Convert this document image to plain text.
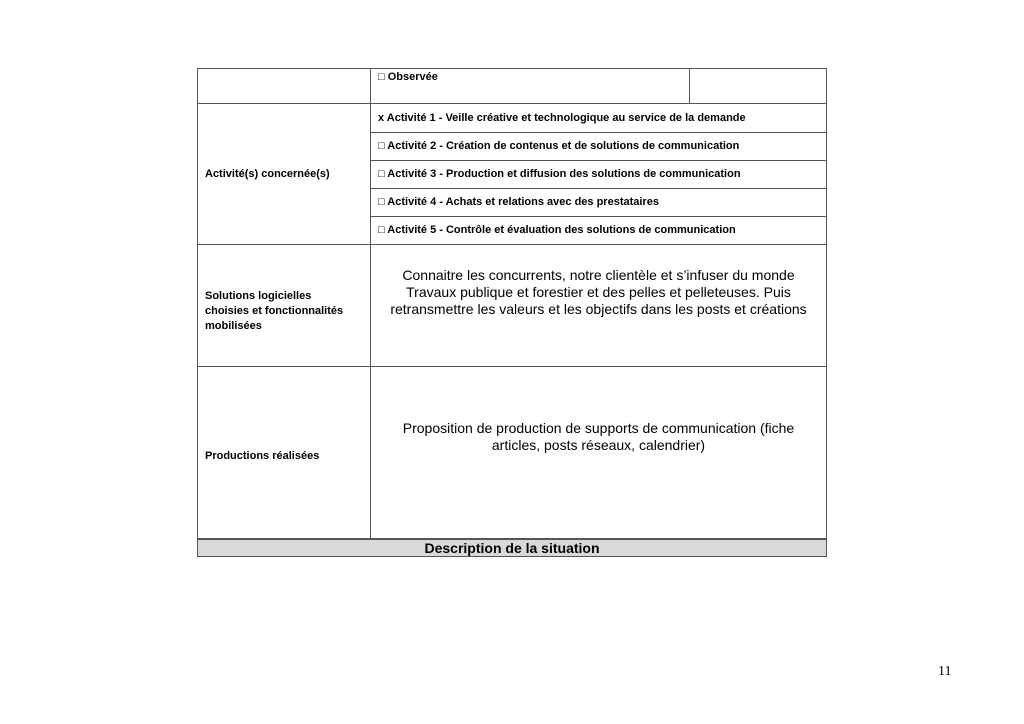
□ Observée
Activité(s) concernée(s)
x Activité 1 - Veille créative et technologique au service de la demande
□ Activité 2 - Création de contenus et de solutions de communication
□ Activité 3 - Production et diffusion des solutions de communication
□ Activité 4 - Achats et relations avec des prestataires
□ Activité 5 - Contrôle et évaluation des solutions de communication
Solutions logicielles
choisies et fonctionnalités
mobilisées
Connaitre les concurrents, notre clientèle et s’infuser du monde
Travaux publique et forestier et des pelles et pelleteuses. Puis
retransmettre les valeurs et les objectifs dans les posts et créations
Productions réalisées
Proposition de production de supports de communication (fiche
articles, posts réseaux, calendrier)
Description de la situation
11
